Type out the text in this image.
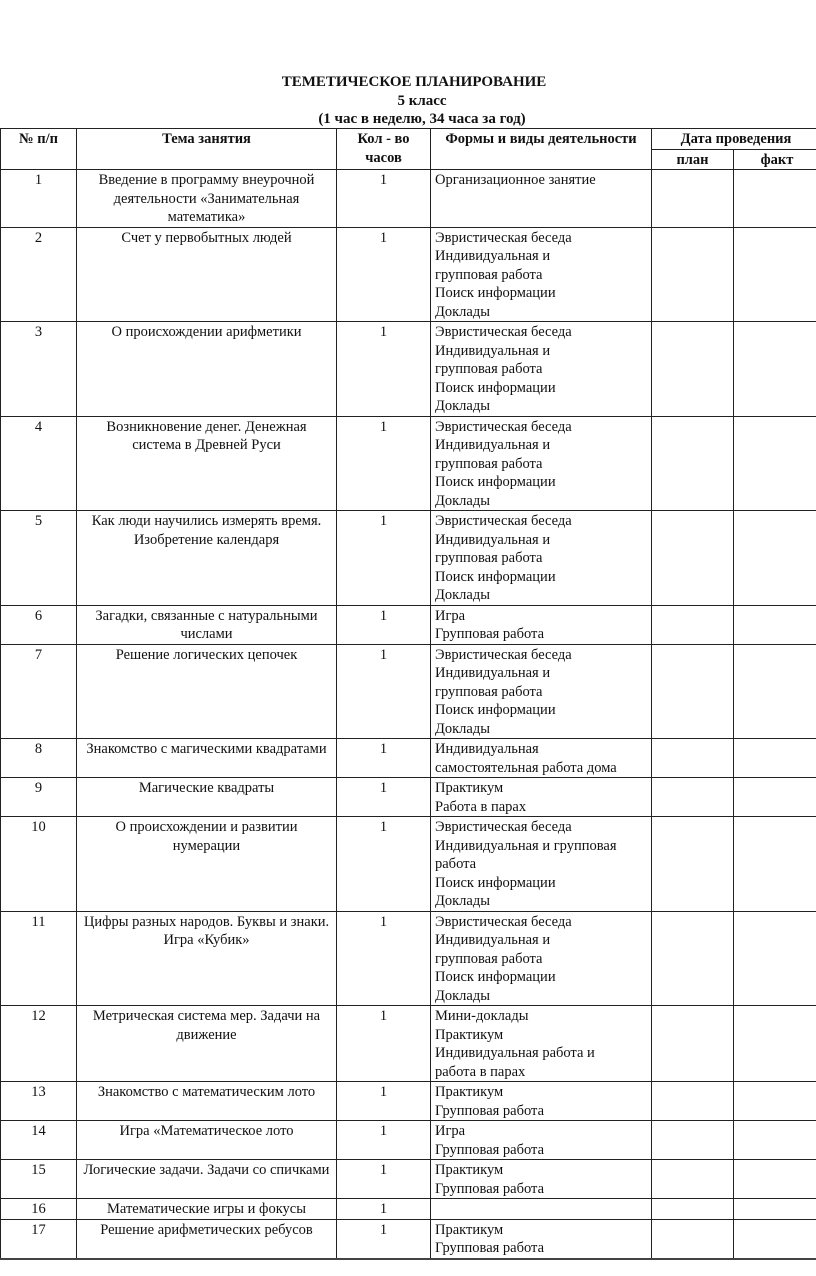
ТЕМЕТИЧЕСКОЕ ПЛАНИРОВАНИЕ
5 класс
(1 час в неделю, 34 часа за год)
№ п/п	Тема занятия	Кол - во часов	Формы и виды деятельности	Дата проведения	
				план	факт
1	Введение в программу внеурочной деятельности «Занимательная математика»	1	Организационное занятие		
2	Счет у первобытных людей	1	Эвристическая беседа
Индивидуальная и
групповая работа
Поиск информации
Доклады		
3	О происхождении арифметики	1	Эвристическая беседа
Индивидуальная и
групповая работа
Поиск информации
Доклады		
4	Возникновение денег. Денежная система в Древней Руси	1	Эвристическая беседа
Индивидуальная и
групповая работа
Поиск информации
Доклады		
5	Как люди научились измерять время. Изобретение календаря	1	Эвристическая беседа
Индивидуальная и
групповая работа
Поиск информации
Доклады		
6	Загадки, связанные с натуральными числами	1	Игра
Групповая работа		
7	Решение логических цепочек	1	Эвристическая беседа
Индивидуальная и
групповая работа
Поиск информации
Доклады		
8	Знакомство с магическими квадратами	1	Индивидуальная
самостоятельная работа дома		
9	Магические квадраты	1	Практикум
Работа в парах		
10	О происхождении и развитии нумерации	1	Эвристическая беседа
Индивидуальная и групповая
работа
Поиск информации
Доклады		
11	Цифры разных народов. Буквы и знаки. Игра «Кубик»	1	Эвристическая беседа
Индивидуальная и
групповая работа
Поиск информации
Доклады		
12	Метрическая система мер. Задачи на движение	1	Мини-доклады
Практикум
Индивидуальная работа и
работа в парах		
13	Знакомство с математическим лото	1	Практикум
Групповая работа		
14	Игра «Математическое лото	1	Игра
Групповая работа		
15	Логические задачи. Задачи со спичками	1	Практикум
Групповая работа		
16	Математические игры и фокусы	1			
17	Решение арифметических ребусов	1	Практикум
Групповая работа		
